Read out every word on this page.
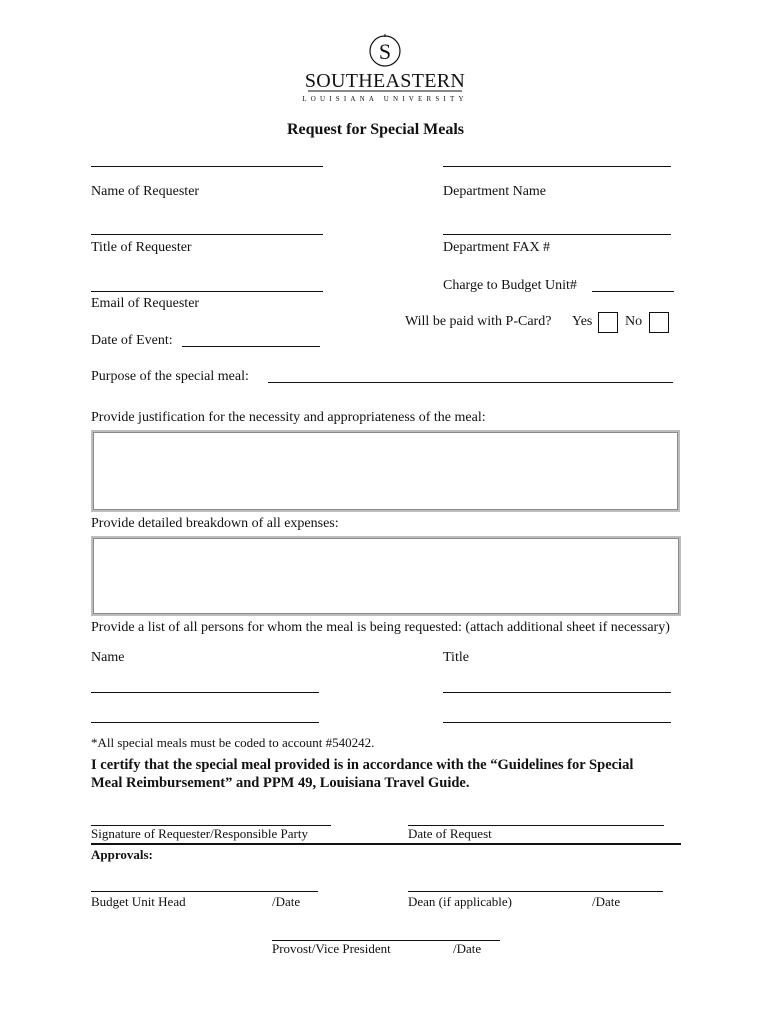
S
SOUTHEASTERN
LOUISIANA UNIVERSITY
Request for Special Meals
Name of Requester	Department Name
Title of Requester	Department FAX #
Charge to Budget Unit#
Email of Requester
Will be paid with P-Card? Yes No
Date of Event:
Purpose of the special meal:
Provide justification for the necessity and appropriateness of the meal:
Provide detailed breakdown of all expenses:
Provide a list of all persons for whom the meal is being requested: (attach additional sheet if necessary)
Name	Title
*All special meals must be coded to account #540242.
I certify that the special meal provided is in accordance with the “Guidelines for Special
Meal Reimbursement” and PPM 49, Louisiana Travel Guide.
Signature of Requester/Responsible Party	Date of Request
Approvals:
Budget Unit Head	/Date	Dean (if applicable)	/Date
Provost/Vice President	/Date
